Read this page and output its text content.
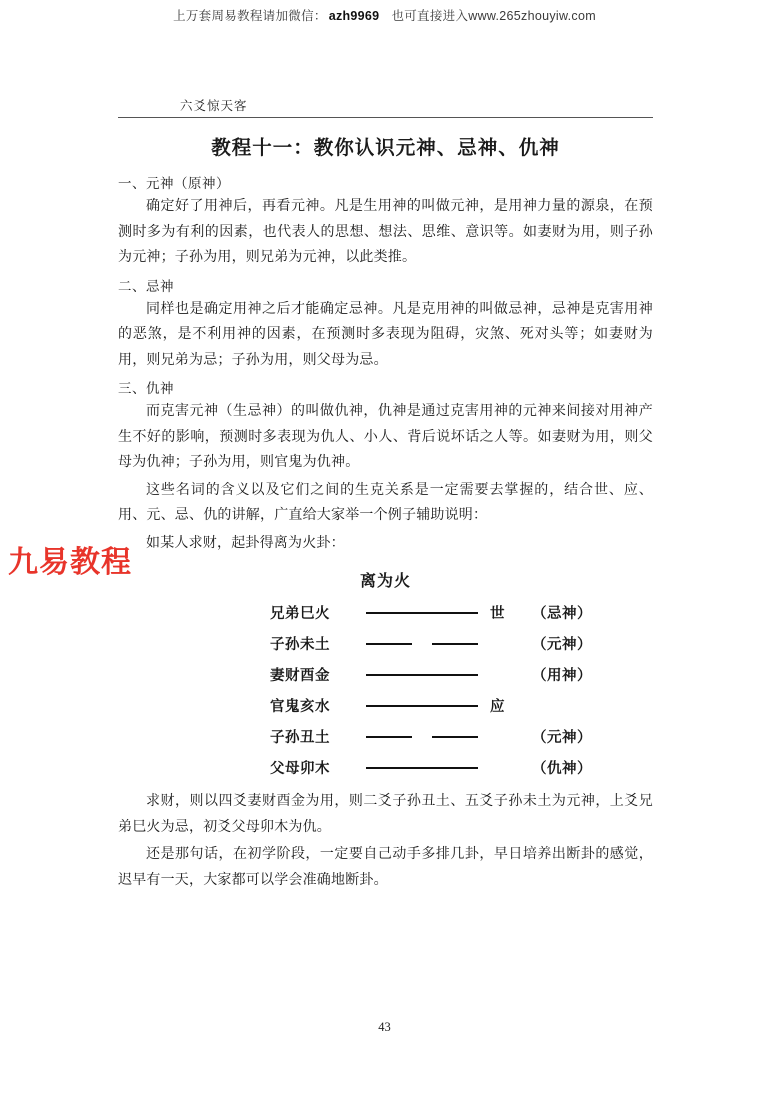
上万套周易教程请加微信： azh9969 也可直接进入www.265zhouyiw.com
六爻惊天客
教程十一：教你认识元神、忌神、仇神
一、元神（原神）

确定好了用神后，再看元神。凡是生用神的叫做元神，是用神力量的源泉，在预测时多为有利的因素，也代表人的思想、想法、思维、意识等。如妻财为用，则子孙为元神；子孙为用，则兄弟为元神，以此类推。

二、忌神

同样也是确定用神之后才能确定忌神。凡是克用神的叫做忌神，忌神是克害用神的恶煞，是不利用神的因素，在预测时多表现为阻碍，灾煞、死对头等；如妻财为用，则兄弟为忌；子孙为用，则父母为忌。

三、仇神

而克害元神（生忌神）的叫做仇神，仇神是通过克害用神的元神来间接对用神产生不好的影响，预测时多表现为仇人、小人、背后说坏话之人等。如妻财为用，则父母为仇神；子孙为用，则官鬼为仇神。

这些名词的含义以及它们之间的生克关系是一定需要去掌握的，结合世、应、用、元、忌、仇的讲解，广直给大家举一个例子辅助说明：

如某人求财，起卦得离为火卦：

离为火
兄弟巳火	世	（忌神）
子孙未土	（元神）
妻财酉金	（用神）
官鬼亥水	应
子孙丑土	（元神）
父母卯木	（仇神）

求财，则以四爻妻财酉金为用，则二爻子孙丑土、五爻子孙未土为元神，上爻兄弟巳火为忌，初爻父母卯木为仇。

还是那句话，在初学阶段，一定要自己动手多排几卦，早日培养出断卦的感觉，迟早有一天，大家都可以学会准确地断卦。

九易教程
43
